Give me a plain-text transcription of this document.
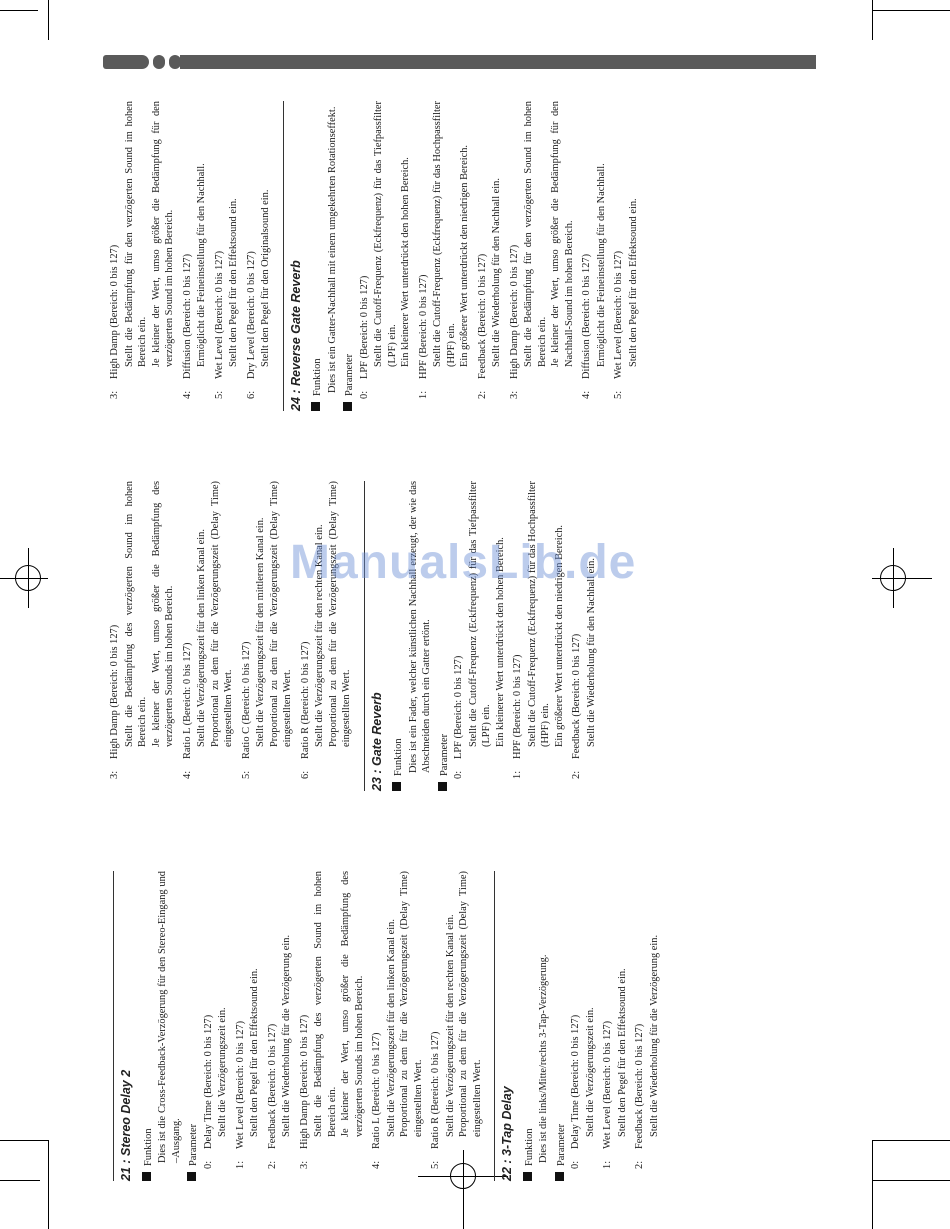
21 : Stereo Delay 2 Funktion Dies ist die Cross-Feedback-Verzögerung für den Stereo-Eingang und –Ausgang. Parameter 0:
Delay Time (Bereich: 0 bis 127) Stellt die Verzögerungszeit ein.
1:
Wet Level (Bereich: 0 bis 127) Stellt den Pegel für den Effektsound ein.
2:
Feedback (Bereich: 0 bis 127) Stellt die Wiederholung für die Verzögerung ein.
3:
High Damp (Bereich: 0 bis 127) Stellt die Bedämpfung des verzögerten Sound im hohen Bereich ein. Je kleiner der Wert, umso größer die Bedämpfung des verzögerten Sounds im hohen Bereich.
4:
Ratio L (Bereich: 0 bis 127) Stellt die Verzögerungszeit für den linken Kanal ein. Proportional zu dem für die Verzögerungszeit (Delay Time) eingestellten Wert.
5:
Ratio R (Bereich: 0 bis 127) Stellt die Verzögerungszeit für den rechten Kanal ein. Proportional zu dem für die Verzögerungszeit (Delay Time) eingestellten Wert. 22 : 3-Tap Delay Funktion Dies ist die links/Mitte/rechts 3-Tap-Verzögerung. Parameter 0:
Delay Time (Bereich: 0 bis 127) Stellt die Verzögerungszeit ein.
1:
Wet Level (Bereich: 0 bis 127) Stellt den Pegel für den Effektsound ein.
2:
Feedback (Bereich: 0 bis 127) Stellt die Wiederholung für die Verzögerung ein.
3:
High Damp (Bereich: 0 bis 127) Stellt die Bedämpfung des verzögerten Sound im hohen Bereich ein. Je kleiner der Wert, umso größer die Bedämpfung des verzögerten Sounds im hohen Bereich.
4:
Ratio L (Bereich: 0 bis 127) Stellt die Verzögerungszeit für den linken Kanal ein. Proportional zu dem für die Verzögerungszeit (Delay Time) eingestellten Wert.
5:
Ratio C (Bereich: 0 bis 127) Stellt die Verzögerungszeit für den mittleren Kanal ein. Proportional zu dem für die Verzögerungszeit (Delay Time) eingestellten Wert.
6:
Ratio R (Bereich: 0 bis 127) Stellt die Verzögerungszeit für den rechten Kanal ein. Proportional zu dem für die Verzögerungszeit (Delay Time) eingestellten Wert. 23 : Gate Reverb Funktion Dies ist ein Fader, welcher künstlichen Nachhall erzeugt, der wie das Abschneiden durch ein Gatter ertönt. Parameter 0:
LPF (Bereich: 0 bis 127) Stellt die Cutoff-Frequenz (Eckfrequenz) für das Tiefpassfilter (LPF) ein. Ein kleinerer Wert unterdrückt den hohen Bereich.
1:
HPF (Bereich: 0 bis 127) Stellt die Cutoff-Frequenz (Eckfrequenz) für das Hochpassfilter (HPF) ein. Ein größerer Wert unterdrückt den niedrigen Bereich.
2:
Feedback (Bereich: 0 bis 127) Stellt die Wiederholung für den Nachhall ein.
3:
High Damp (Bereich: 0 bis 127) Stellt die Bedämpfung für den verzögerten Sound im hohen Bereich ein. Je kleiner der Wert, umso größer die Bedämpfung für den verzögerten Sound im hohen Bereich.
4:
Diffusion (Bereich: 0 bis 127) Ermöglicht die Feineinstellung für den Nachhall.
5:
Wet Level (Bereich: 0 bis 127) Stellt den Pegel für den Effektsound ein.
6:
Dry Level (Bereich: 0 bis 127) Stellt den Pegel für den Originalsound ein. 24 : Reverse Gate Reverb Funktion Dies ist ein Gatter-Nachhall mit einem umgekehrten Rotationseffekt. Parameter 0:
LPF (Bereich: 0 bis 127) Stellt die Cutoff-Frequenz (Eckfrequenz) für das Tiefpassfilter (LPF) ein. Ein kleinerer Wert unterdrückt den hohen Bereich.
1:
HPF (Bereich: 0 bis 127) Stellt die Cutoff-Frequenz (Eckfrequenz) für das Hochpassfilter (HPF) ein. Ein größerer Wert unterdrückt den niedrigen Bereich.
2:
Feedback (Bereich: 0 bis 127) Stellt die Wiederholung für den Nachhall ein.
3:
High Damp (Bereich: 0 bis 127) Stellt die Bedämpfung für den verzögerten Sound im hohen Bereich ein. Je kleiner der Wert, umso größer die Bedämpfung für den Nachhall-Sound im hohen Bereich.
4:
Diffusion (Bereich: 0 bis 127) Ermöglicht die Feineinstellung für den Nachhall.
5:
Wet Level (Bereich: 0 bis 127) Stellt den Pegel für den Effektsound ein.
ManualsLib.de
